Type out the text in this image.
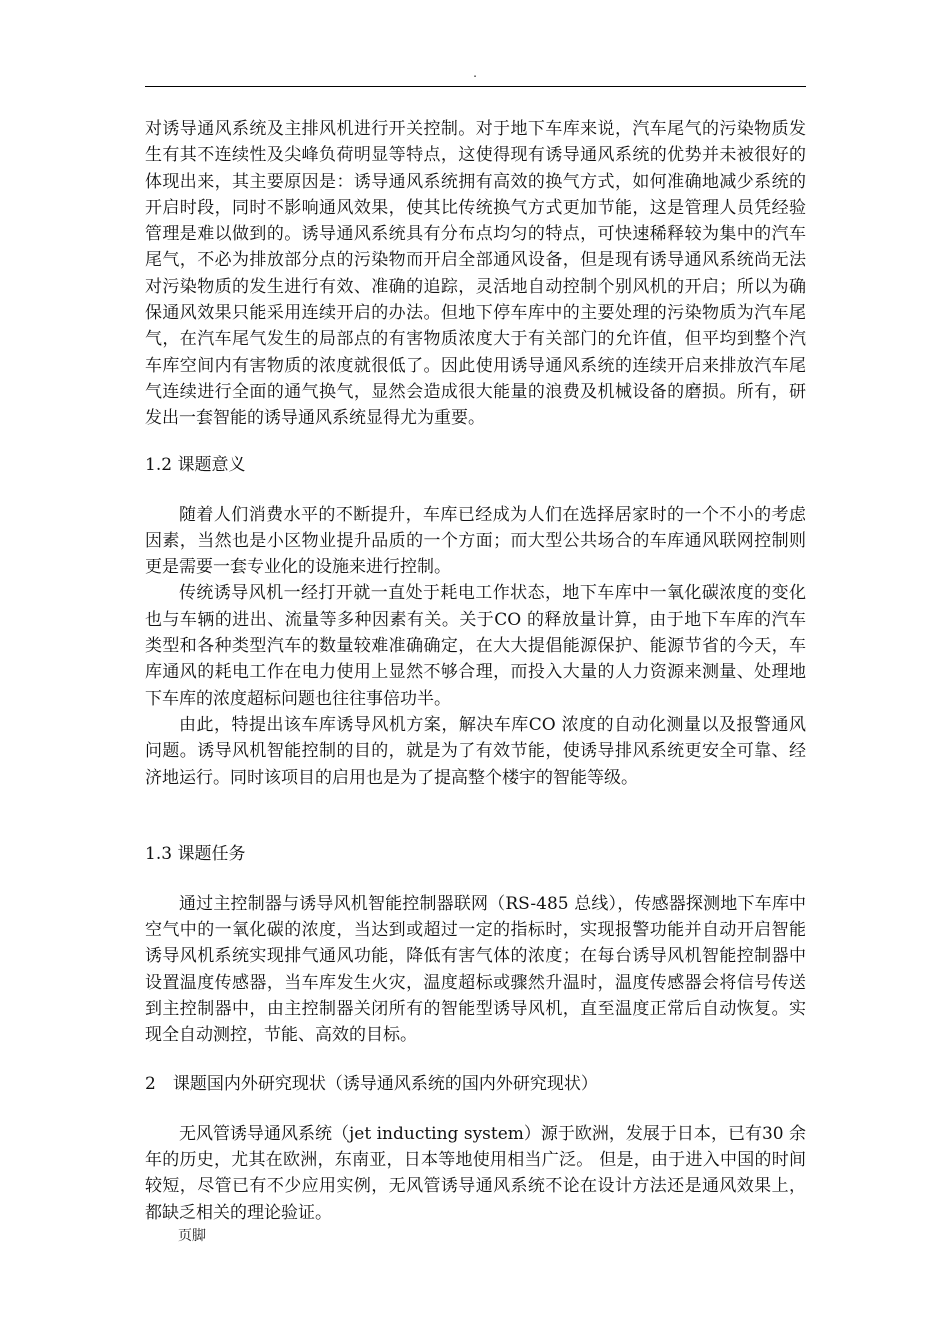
.

对诱导通风系统及主排风机进行开关控制。对于地下车库来说，汽车尾气的污染物质发生有其不连续性及尖峰负荷明显等特点，这使得现有诱导通风系统的优势并未被很好的体现出来，其主要原因是：诱导通风系统拥有高效的换气方式，如何准确地减少系统的开启时段，同时不影响通风效果，使其比传统换气方式更加节能，这是管理人员凭经验管理是难以做到的。诱导通风系统具有分布点均匀的特点，可快速稀释较为集中的汽车尾气，不必为排放部分点的污染物而开启全部通风设备，但是现有诱导通风系统尚无法对污染物质的发生进行有效、准确的追踪，灵活地自动控制个别风机的开启；所以为确保通风效果只能采用连续开启的办法。但地下停车库中的主要处理的污染物质为汽车尾气，在汽车尾气发生的局部点的有害物质浓度大于有关部门的允许值，但平均到整个汽车库空间内有害物质的浓度就很低了。因此使用诱导通风系统的连续开启来排放汽车尾气连续进行全面的通气换气，显然会造成很大能量的浪费及机械设备的磨损。所有，研发出一套智能的诱导通风系统显得尤为重要。

1.2 课题意义

随着人们消费水平的不断提升，车库已经成为人们在选择居家时的一个不小的考虑因素，当然也是小区物业提升品质的一个方面；而大型公共场合的车库通风联网控制则更是需要一套专业化的设施来进行控制。

传统诱导风机一经打开就一直处于耗电工作状态，地下车库中一氧化碳浓度的变化也与车辆的进出、流量等多种因素有关。关于CO 的释放量计算，由于地下车库的汽车类型和各种类型汽车的数量较难准确确定，在大大提倡能源保护、能源节省的今天，车库通风的耗电工作在电力使用上显然不够合理，而投入大量的人力资源来测量、处理地下车库的浓度超标问题也往往事倍功半。

由此，特提出该车库诱导风机方案，解决车库CO 浓度的自动化测量以及报警通风问题。诱导风机智能控制的目的，就是为了有效节能，使诱导排风系统更安全可靠、经济地运行。同时该项目的启用也是为了提高整个楼宇的智能等级。

1.3 课题任务

通过主控制器与诱导风机智能控制器联网（RS-485 总线），传感器探测地下车库中空气中的一氧化碳的浓度，当达到或超过一定的指标时，实现报警功能并自动开启智能诱导风机系统实现排气通风功能，降低有害气体的浓度；在每台诱导风机智能控制器中设置温度传感器，当车库发生火灾，温度超标或骤然升温时，温度传感器会将信号传送到主控制器中，由主控制器关闭所有的智能型诱导风机，直至温度正常后自动恢复。实现全自动测控，节能、高效的目标。

2　课题国内外研究现状（诱导通风系统的国内外研究现状）

无风管诱导通风系统（jet inducting system）源于欧洲，发展于日本，已有30 余年的历史，尤其在欧洲，东南亚，日本等地使用相当广泛。 但是，由于进入中国的时间较短，尽管已有不少应用实例，无风管诱导通风系统不论在设计方法还是通风效果上，都缺乏相关的理论验证。

页脚
